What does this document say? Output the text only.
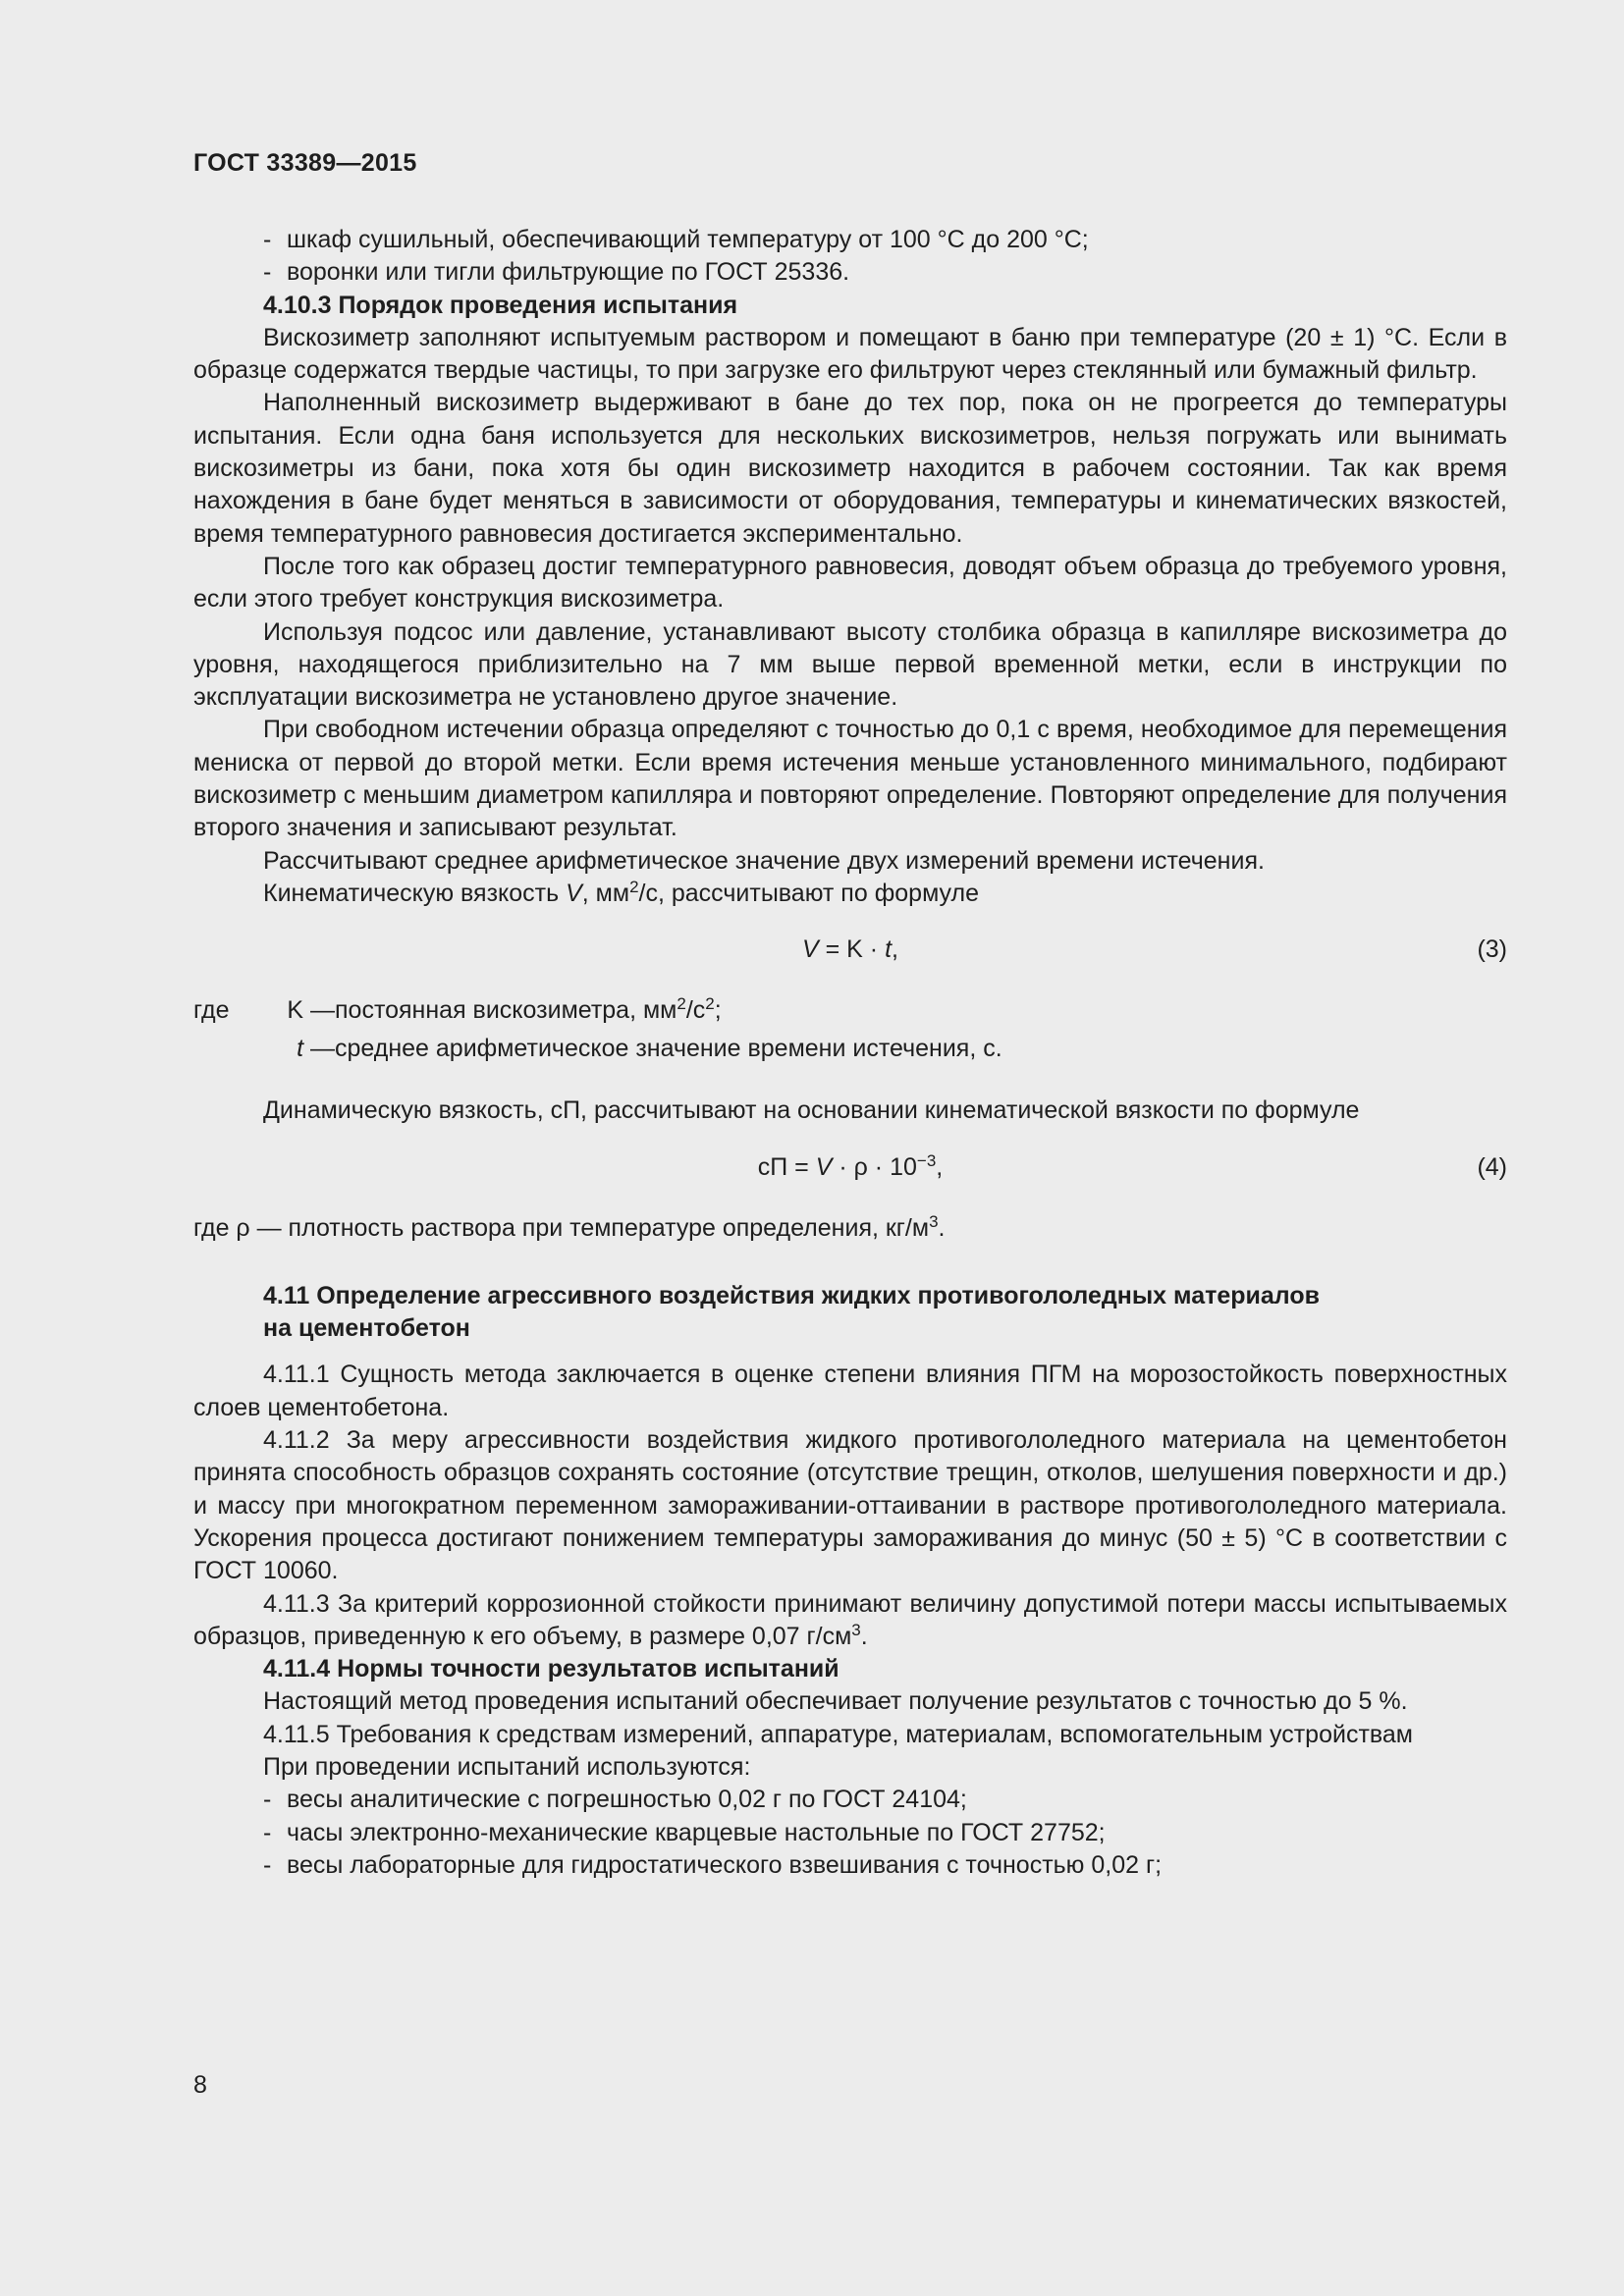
ГОСТ 33389—2015

- шкаф сушильный, обеспечивающий температуру от 100 °С до 200 °С;

- воронки или тигли фильтрующие по ГОСТ 25336.

4.10.3 Порядок проведения испытания

Вискозиметр заполняют испытуемым раствором и помещают в баню при температуре (20 ± 1) °С. Если в образце содержатся твердые частицы, то при загрузке его фильтруют через стеклянный или бумажный фильтр.

Наполненный вискозиметр выдерживают в бане до тех пор, пока он не прогреется до температуры испытания. Если одна баня используется для нескольких вискозиметров, нельзя погружать или вынимать вискозиметры из бани, пока хотя бы один вискозиметр находится в рабочем состоянии. Так как время нахождения в бане будет меняться в зависимости от оборудования, температуры и кинематических вязкостей, время температурного равновесия достигается экспериментально.

После того как образец достиг температурного равновесия, доводят объем образца до требуемого уровня, если этого требует конструкция вискозиметра.

Используя подсос или давление, устанавливают высоту столбика образца в капилляре вискозиметра до уровня, находящегося приблизительно на 7 мм выше первой временной метки, если в инструкции по эксплуатации вискозиметра не установлено другое значение.

При свободном истечении образца определяют с точностью до 0,1 с время, необходимое для перемещения мениска от первой до второй метки. Если время истечения меньше установленного минимального, подбирают вискозиметр с меньшим диаметром капилляра и повторяют определение. Повторяют определение для получения второго значения и записывают результат.

Рассчитывают среднее арифметическое значение двух измерений времени истечения.

Кинематическую вязкость V, $мм^2/с$, рассчитывают по формуле

V = K · t,	(3)
где K — постоянная вискозиметра, $мм^2/с^2$;
t — среднее арифметическое значение времени истечения, с.

Динамическую вязкость, сП, рассчитывают на основании кинематической вязкости по формуле

сП = $V \cdot \rho \cdot 10^{-3}$,	(4)

где ρ — плотность раствора при температуре определения, $кг/м^3$.

4.11 Определение агрессивного воздействия жидких противогололедных материалов
на цементобетон

4.11.1 Сущность метода заключается в оценке степени влияния ПГМ на морозостойкость поверхностных слоев цементобетона.

4.11.2 За меру агрессивности воздействия жидкого противогололедного материала на цементобетон принята способность образцов сохранять состояние (отсутствие трещин, отколов, шелушения поверхности и др.) и массу при многократном переменном замораживании-оттаивании в растворе противогололедного материала. Ускорения процесса достигают понижением температуры замораживания до минус (50 ± 5) °С в соответствии с ГОСТ 10060.

4.11.3 За критерий коррозионной стойкости принимают величину допустимой потери массы испытываемых образцов, приведенную к его объему, в размере 0,07 $г/см^3$.

4.11.4 Нормы точности результатов испытаний

Настоящий метод проведения испытаний обеспечивает получение результатов с точностью до 5 %.

4.11.5 Требования к средствам измерений, аппаратуре, материалам, вспомогательным устройствам

При проведении испытаний используются:

- весы аналитические с погрешностью 0,02 г по ГОСТ 24104;

- часы электронно-механические кварцевые настольные по ГОСТ 27752;

- весы лабораторные для гидростатического взвешивания с точностью 0,02 г;

8
